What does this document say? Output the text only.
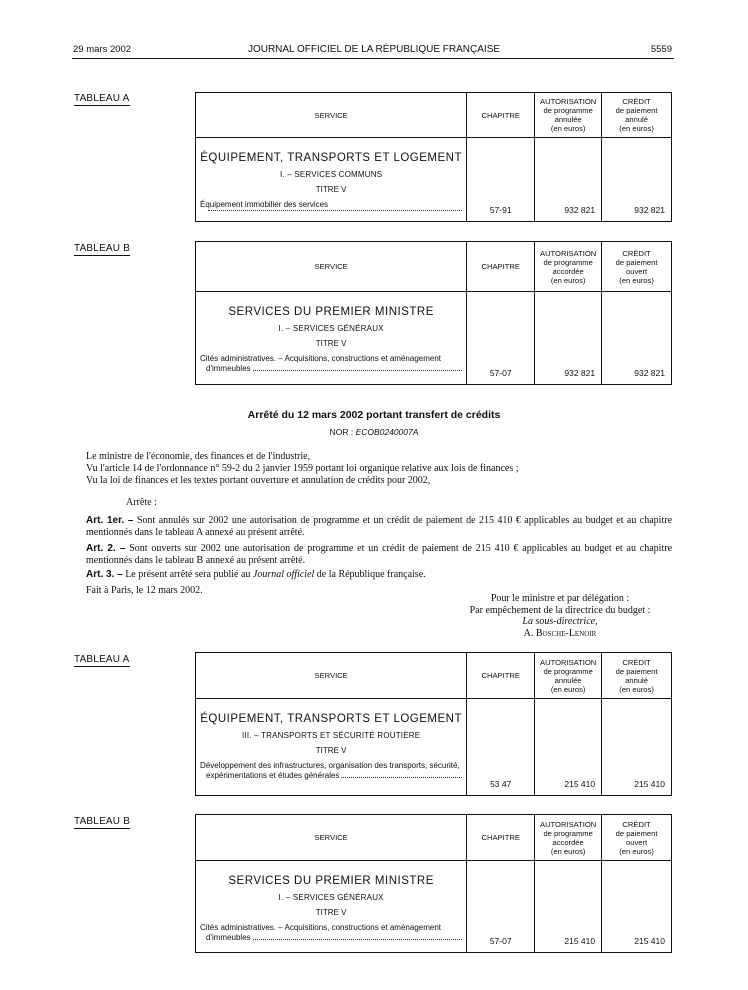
29 mars 2002	JOURNAL OFFICIEL DE LA RÉPUBLIQUE FRANÇAISE	5559
TABLEAU A
SERVICE	CHAPITRE	AUTORISATION
de programme
annulée
(en euros)	CRÉDIT
de paiement
annulé
(en euros)

ÉQUIPEMENT, TRANSPORTS ET LOGEMENT
I. – SERVICES COMMUNS
TITRE V
Équipement immobilier des services	57-91	932 821	932 821
TABLEAU B
SERVICE	CHAPITRE	AUTORISATION
de programme
accordée
(en euros)	CRÉDIT
de paiement
ouvert
(en euros)

SERVICES DU PREMIER MINISTRE
I. – SERVICES GÉNÉRAUX
TITRE V
Cités administratives. – Acquisitions, constructions et aménagement
d'immeubles	57-07	932 821	932 821
TABLEAU A
SERVICE	CHAPITRE	AUTORISATION
de programme
annulée
(en euros)	CRÉDIT
de paiement
annulé
(en euros)

ÉQUIPEMENT, TRANSPORTS ET LOGEMENT
III. – TRANSPORTS ET SÉCURITÉ ROUTIÈRE
TITRE V
Développement des infrastructures, organisation des transports, sécurité,
expérimentations et études générales	53 47	215 410	215 410
TABLEAU B
SERVICE	CHAPITRE	AUTORISATION
de programme
accordée
(en euros)	CRÉDIT
de paiement
ouvert
(en euros)

SERVICES DU PREMIER MINISTRE
I. – SERVICES GÉNÉRAUX
TITRE V
Cités administratives. – Acquisitions, constructions et aménagement
d'immeubles	57-07	215 410	215 410
Arrêté du 12 mars 2002 portant transfert de crédits
NOR : ECOB0240007A
Le ministre de l'économie, des finances et de l'industrie,
Vu l'article 14 de l'ordonnance n° 59-2 du 2 janvier 1959 portant loi organique relative aux lois de finances ;
Vu la loi de finances et les textes portant ouverture et annulation de crédits pour 2002,
Arrête :
Art. 1er. – Sont annulés sur 2002 une autorisation de programme et un crédit de paiement de 215 410 € applicables au budget et au chapitre mentionnés dans le tableau A annexé au présent arrêté.
Art. 2. – Sont ouverts sur 2002 une autorisation de programme et un crédit de paiement de 215 410 € applicables au budget et au chapitre mentionnés dans le tableau B annexé au présent arrêté.
Art. 3. – Le présent arrêté sera publié au Journal officiel de la République française.
Fait à Paris, le 12 mars 2002.
Pour le ministre et par délégation :
Par empêchement de la directrice du budget :
La sous-directrice,
A. Bosche-Lenoir
